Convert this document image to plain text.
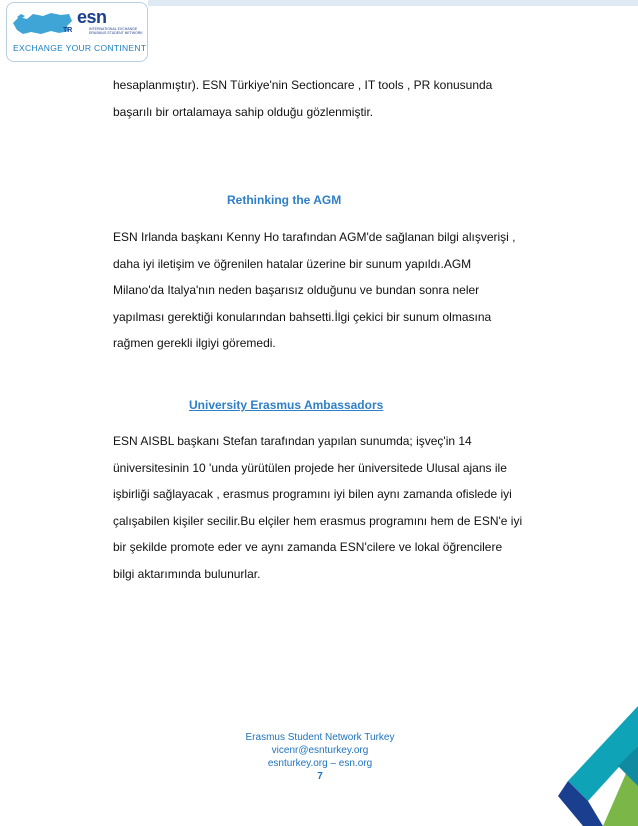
TR
esn
INTERNATIONAL EXCHANGE ERASMUS STUDENT NETWORK
EXCHANGE YOUR CONTINENT
hesaplanmıştır). ESN Türkiye'nin Sectioncare , IT tools , PR konusunda
başarılı bir ortalamaya sahip olduğu gözlenmiştir.
Rethinking the AGM
ESN Irlanda başkanı Kenny Ho tarafından AGM'de sağlanan bilgi alışverişi ,
daha iyi iletişim ve öğrenilen hatalar üzerine bir sunum yapıldı.AGM
Milano'da Italya'nın neden başarısız olduğunu ve bundan sonra neler
yapılması gerektiği konularından bahsetti.İlgi çekici bir sunum olmasına
rağmen gerekli ilgiyi göremedi.
University Erasmus Ambassadors
ESN AISBL başkanı Stefan tarafından yapılan sunumda; işveç'in 14
üniversitesinin 10 'unda yürütülen projede her üniversitede Ulusal ajans ile
işbirliği sağlayacak , erasmus programını iyi bilen aynı zamanda ofislede iyi
çalışabilen kişiler secilir.Bu elçiler hem erasmus programını hem de ESN'e iyi
bir şekilde promote eder ve aynı zamanda ESN'cilere ve lokal öğrencilere
bilgi aktarımında bulunurlar.
Erasmus Student Network Turkey
vicenr@esnturkey.org
esnturkey.org – esn.org
7
